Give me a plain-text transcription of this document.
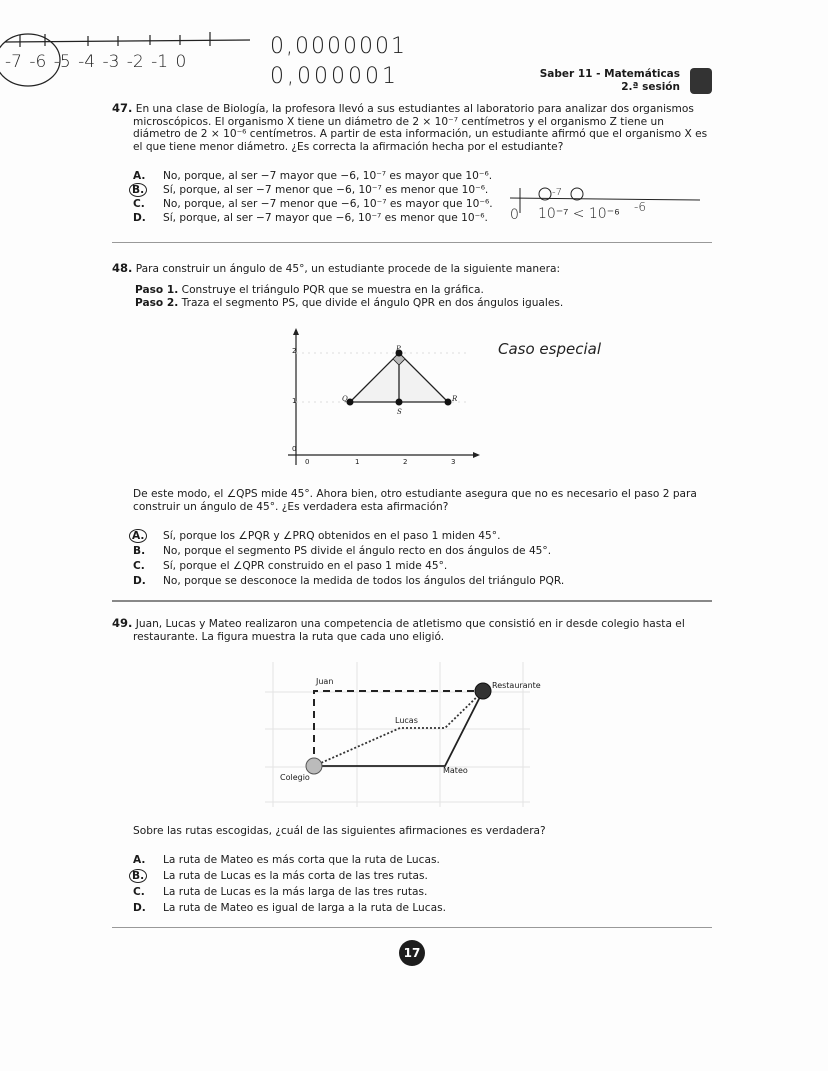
-7 -6 -5 -4 -3 -2 -1 0
0,0000001
0,000001	Saber 11 - Matemáticas
2.ª sesión
47. En una clase de Biología, la profesora llevó a sus estudiantes al laboratorio para analizar dos organismos microscópicos. El organismo X tiene un diámetro de 2 × 10⁻⁷ centímetros y el organismo Z tiene un diámetro de 2 × 10⁻⁶ centímetros. A partir de esta información, un estudiante afirmó que el organismo X es el que tiene menor diámetro. ¿Es correcta la afirmación hecha por el estudiante?
A. No, porque, al ser −7 mayor que −6, 10⁻⁷ es mayor que 10⁻⁶.
B. Sí, porque, al ser −7 menor que −6, 10⁻⁷ es menor que 10⁻⁶.
C. No, porque, al ser −7 menor que −6, 10⁻⁷ es mayor que 10⁻⁶.
D. Sí, porque, al ser −7 mayor que −6, 10⁻⁷ es menor que 10⁻⁶. 0 10⁻⁷ < 10⁻⁶
-7
-6
48. Para construir un ángulo de 45°, un estudiante procede de la siguiente manera:
Paso 1. Construye el triángulo PQR que se muestra en la gráfica.
Paso 2. Traza el segmento PS, que divide el ángulo QPR en dos ángulos iguales.
2
1
0
0	1	2	3
P
Q	R
S
Caso especial
De este modo, el ∠QPS mide 45°. Ahora bien, otro estudiante asegura que no es necesario el paso 2 para construir un ángulo de 45°. ¿Es verdadera esta afirmación?
A. Sí, porque los ∠PQR y ∠PRQ obtenidos en el paso 1 miden 45°.
B. No, porque el segmento PS divide el ángulo recto en dos ángulos de 45°.
C. Sí, porque el ∠QPR construido en el paso 1 mide 45°.
D. No, porque se desconoce la medida de todos los ángulos del triángulo PQR.
49. Juan, Lucas y Mateo realizaron una competencia de atletismo que consistió en ir desde colegio hasta el restaurante. La figura muestra la ruta que cada uno eligió.
Juan
Lucas
Mateo
Colegio
Restaurante
Sobre las rutas escogidas, ¿cuál de las siguientes afirmaciones es verdadera?
A. La ruta de Mateo es más corta que la ruta de Lucas.
B. La ruta de Lucas es la más corta de las tres rutas.
C. La ruta de Lucas es la más larga de las tres rutas.
D. La ruta de Mateo es igual de larga a la ruta de Lucas.
17
